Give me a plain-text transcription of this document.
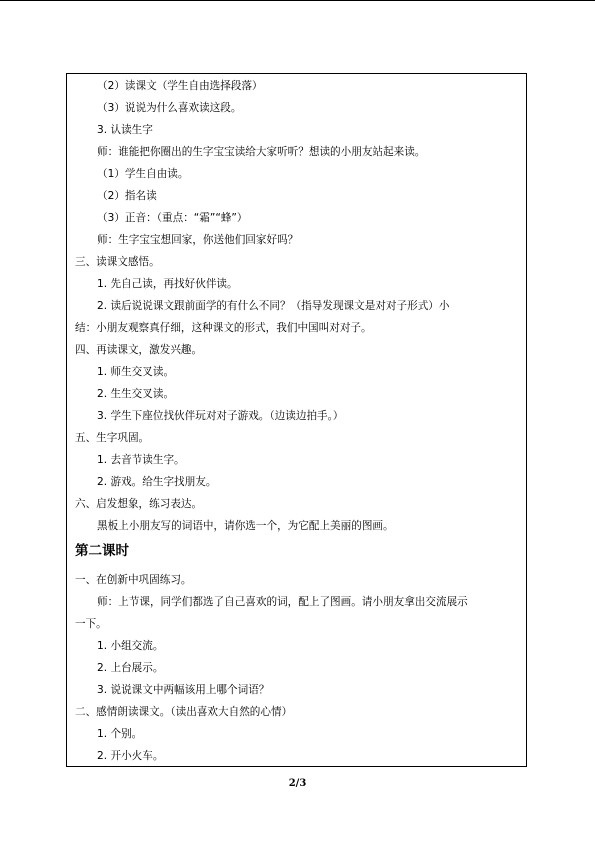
（2）读课文（学生自由选择段落）
（3）说说为什么喜欢读这段。
3. 认读生字
师：谁能把你圈出的生字宝宝读给大家听听？想读的小朋友站起来读。
（1）学生自由读。
（2）指名读
（3）正音：（重点：“霜”“蜂”）
师：生字宝宝想回家，你送他们回家好吗？
三、读课文感悟。
1. 先自己读，再找好伙伴读。
2. 读后说说课文跟前面学的有什么不同？（指导发现课文是对对子形式）小
结：小朋友观察真仔细，这种课文的形式，我们中国叫对对子。
四、再读课文，激发兴趣。
1. 师生交叉读。
2. 生生交叉读。
3. 学生下座位找伙伴玩对对子游戏。（边读边拍手。）
五、生字巩固。
1. 去音节读生字。
2. 游戏。给生字找朋友。
六、启发想象，练习表达。
黑板上小朋友写的词语中，请你选一个，为它配上美丽的图画。
第二课时
一、在创新中巩固练习。
师：上节课，同学们都选了自己喜欢的词，配上了图画。请小朋友拿出交流展示
一下。
1. 小组交流。
2. 上台展示。
3. 说说课文中两幅该用上哪个词语？
二、感情朗读课文。（读出喜欢大自然的心情）
1. 个别。
2. 开小火车。
2/3
